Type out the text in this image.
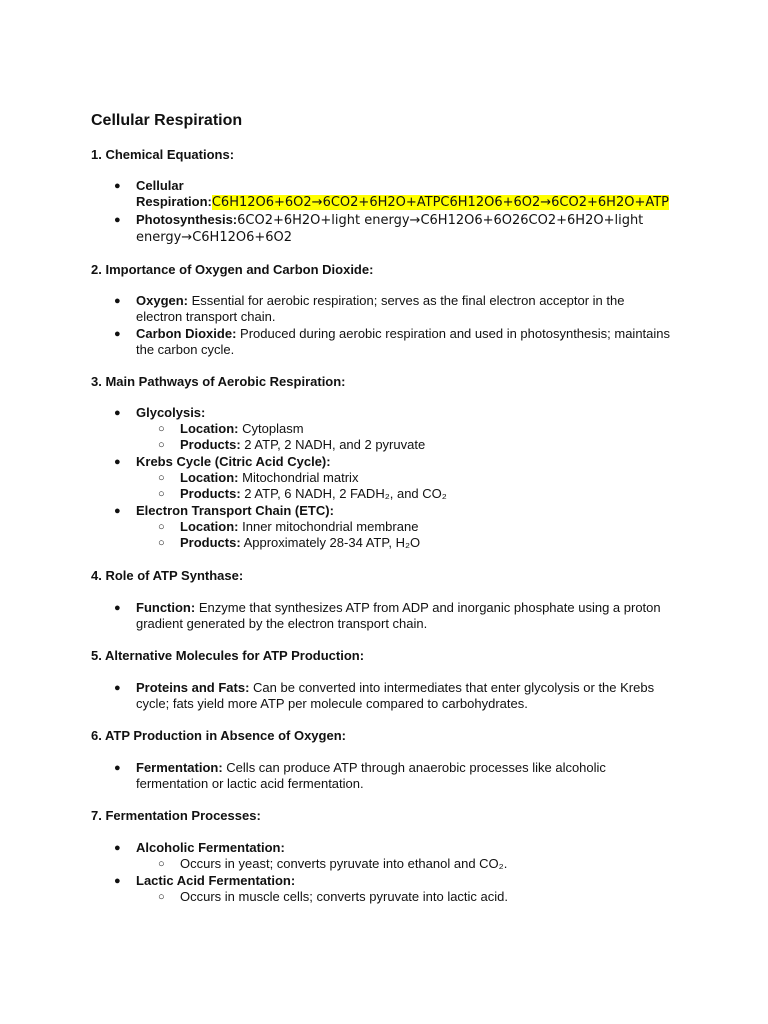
Cellular Respiration
1. Chemical Equations:
● Cellular Respiration:C6H12O6+6O2→6CO2+6H2O+ATPC6H12O6+6O2→6CO2+6H2O+ATP
● Photosynthesis:6CO2+6H2O+light energy→C6H12O6+6O26CO2+6H2O+light energy→C6H12O6+6O2
2. Importance of Oxygen and Carbon Dioxide:
● Oxygen: Essential for aerobic respiration; serves as the final electron acceptor in the electron transport chain.
● Carbon Dioxide: Produced during aerobic respiration and used in photosynthesis; maintains the carbon cycle.
3. Main Pathways of Aerobic Respiration:
● Glycolysis:
○ Location: Cytoplasm
○ Products: 2 ATP, 2 NADH, and 2 pyruvate
● Krebs Cycle (Citric Acid Cycle):
○ Location: Mitochondrial matrix
○ Products: 2 ATP, 6 NADH, 2 FADH₂, and CO₂
● Electron Transport Chain (ETC):
○ Location: Inner mitochondrial membrane
○ Products: Approximately 28-34 ATP, H₂O
4. Role of ATP Synthase:
● Function: Enzyme that synthesizes ATP from ADP and inorganic phosphate using a proton gradient generated by the electron transport chain.
5. Alternative Molecules for ATP Production:
● Proteins and Fats: Can be converted into intermediates that enter glycolysis or the Krebs cycle; fats yield more ATP per molecule compared to carbohydrates.
6. ATP Production in Absence of Oxygen:
● Fermentation: Cells can produce ATP through anaerobic processes like alcoholic fermentation or lactic acid fermentation.
7. Fermentation Processes:
● Alcoholic Fermentation:
○ Occurs in yeast; converts pyruvate into ethanol and CO₂.
● Lactic Acid Fermentation:
○ Occurs in muscle cells; converts pyruvate into lactic acid.
